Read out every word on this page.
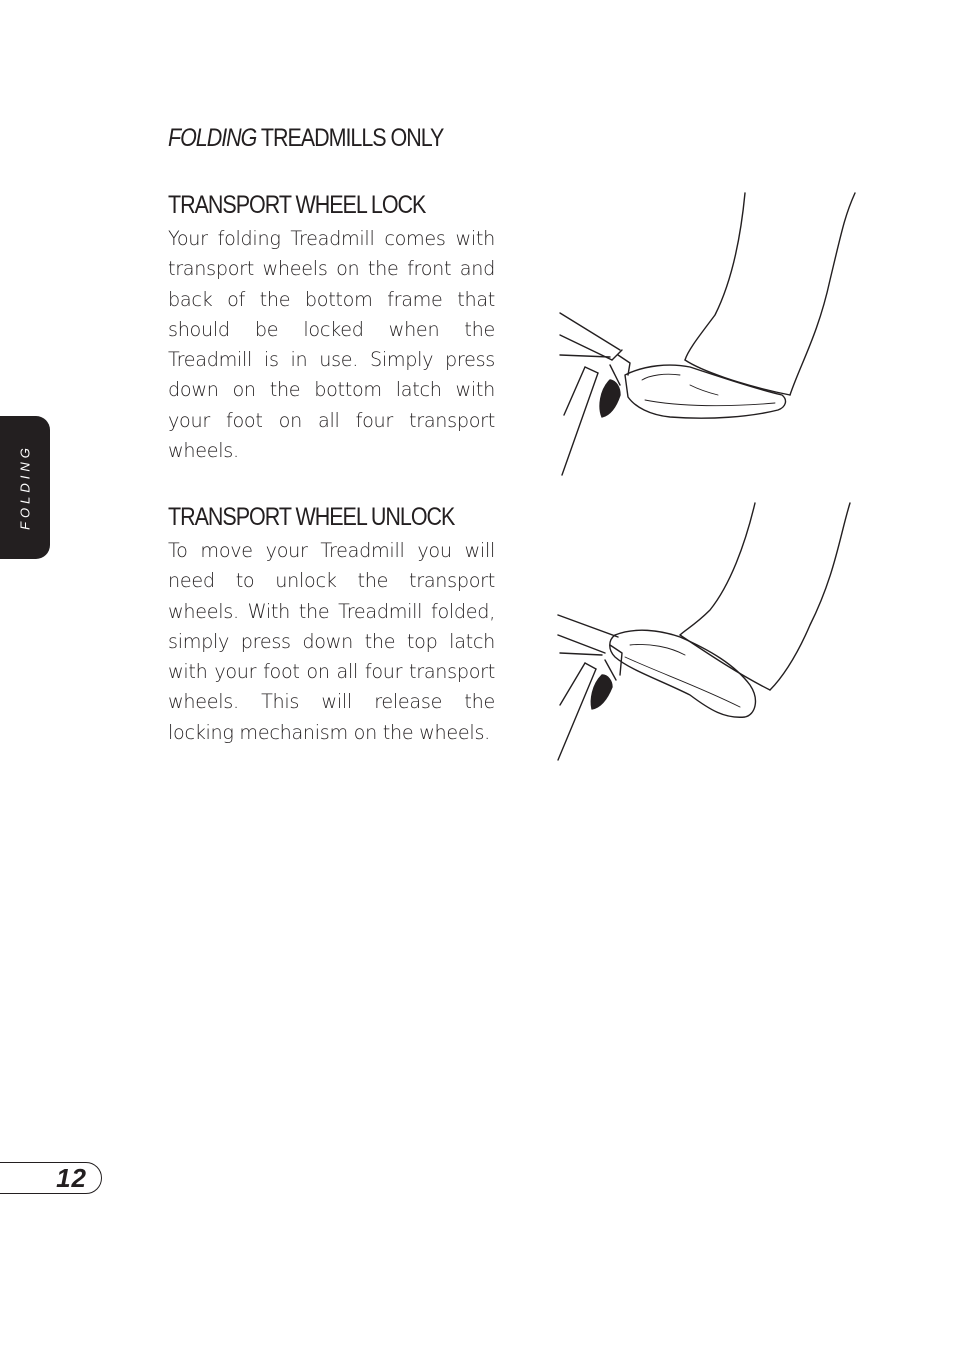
FOLDING TREADMILLS ONLY
TRANSPORT WHEEL LOCK

Your folding Treadmill comes with transport wheels on the front and back of the bottom frame that should be locked when the Treadmill is in use. Simply press down on the bottom latch with your foot on all four transport wheels.

TRANSPORT WHEEL UNLOCK

To move your Treadmill you will need to unlock the transport wheels. With the Treadmill folded, simply press down the top latch with your foot on all four transport wheels. This will release the locking mechanism on the wheels.

FOLDING
12
